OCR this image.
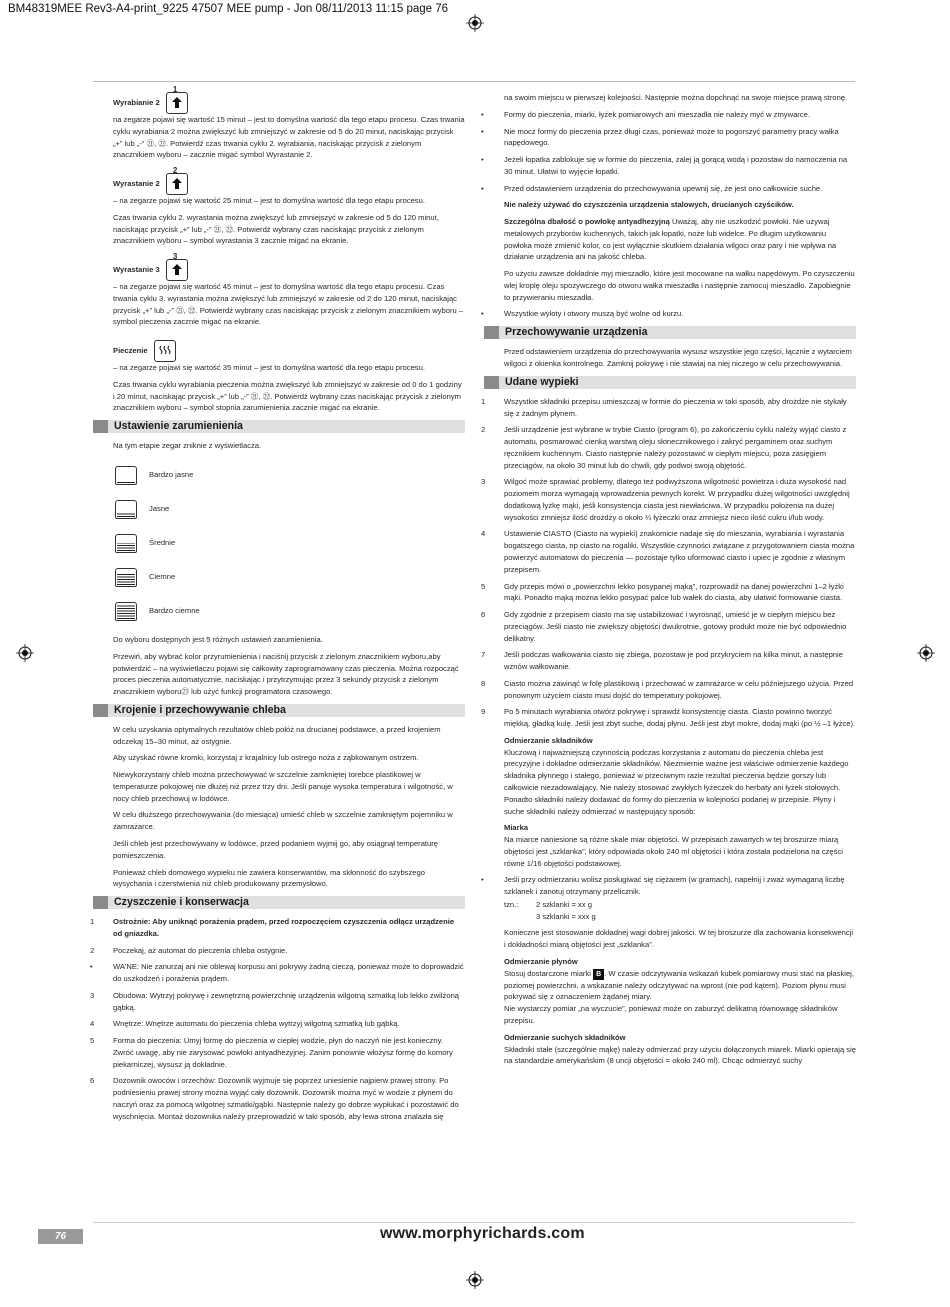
BM48319MEE Rev3-A4-print_9225 47507 MEE pump - Jon 08/11/2013 11:15 page 76
Wyrabianie 2
1

na zegarze pojawi się wartość 15 minut – jest to domyślna wartość dla tego etapu procesu. Czas trwania cyklu wyrabiania 2 można zwiększyć lub zmniejszyć w zakresie od 5 do 20 minut, naciskając przycisk „+” lub „-” ㉑, ㉒. Potwierdź czas trwania cyklu 2. wyrabiania, naciskając przycisk z zielonym znacznikiem wyboru – zacznie migać symbol Wyrastanie 2.

Wyrastanie 2
2

– na zegarze pojawi się wartość 25 minut – jest to domyślna wartość dla tego etapu procesu.

Czas trwania cyklu 2. wyrastania można zwiększyć lub zmniejszyć w zakresie od 5 do 120 minut, naciskając przycisk „+” lub „-” ㉑, ㉒. Potwierdź wybrany czas naciskając przycisk z zielonym znacznikiem wyboru – symbol wyrastania 3 zacznie migać na ekranie.

Wyrastanie 3
3

– na zegarze pojawi się wartość 45 minut – jest to domyślna wartość dla tego etapu procesu. Czas trwania cyklu 3. wyrastania można zwiększyć lub zmniejszyć w zakresie od 2 do 120 minut, naciskając przycisk „+” lub „-” ㉑, ㉒. Potwierdź wybrany czas naciskając przycisk z zielonym znacznikiem wyboru – symbol pieczenia zacznie migać na ekranie.

Pieczenie

– na zegarze pojawi się wartość 35 minut – jest to domyślna wartość dla tego etapu procesu.

Czas trwania cyklu wyrabiania pieczenia można zwiększyć lub zmniejszyć w zakresie od 0 do 1 godziny i 20 minut, naciskając przycisk „+” lub „-” ㉑, ㉒. Potwierdź wybrany czas naciskając przycisk z zielonym znacznikiem wyboru – symbol stopnia zarumienienia zacznie migać na ekranie.

Ustawienie zarumienienia

Na tym etapie zegar zniknie z wyświetlacza.

Bardzo jasne
Jasne
Średnie
Ciemne
Bardzo ciemne

Do wyboru dostępnych jest 5 różnych ustawień zarumienienia.

Przewiń, aby wybrać kolor przyrumienienia i naciśnij przycisk z zielonym znacznikiem wyboru,aby potwierdzić – na wyświetlaczu pojawi się całkowity zaprogramowany czas pieczenia. Można rozpocząć proces pieczenia automatycznie, naciskając i przytrzymując przez 3 sekundy przycisk z zielonym znacznikiem wyboru㉓ lub użyć funkcji programatora czasowego.

Krojenie i przechowywanie chleba

W celu uzyskania optymalnych rezultatów chleb połóż na drucianej podstawce, a przed krojeniem odczekaj 15–30 minut, aż ostygnie.

Aby uzyskać równe kromki, korzystaj z krajalnicy lub ostrego noża z ząbkowanym ostrzem.

Niewykorzystany chleb można przechowywać w szczelnie zamkniętej torebce plastikowej w temperaturze pokojowej nie dłużej niż przez trzy dni. Jeśli panuje wysoka temperatura i wilgotność, w nocy chleb przechowuj w lodówce.

W celu dłuższego przechowywania (do miesiąca) umieść chleb w szczelnie zamkniętym pojemniku w zamrażarce.

Jeśli chleb jest przechowywany w lodówce, przed podaniem wyjmij go, aby osiągnął temperaturę pomieszczenia.

Ponieważ chleb domowego wypieku nie zawiera konserwantów, ma skłonność do szybszego wysychania i czerstwienia niż chleb produkowany przemysłowo.

Czyszczenie i konserwacja
1	Ostrożnie: Aby uniknąć porażenia prądem, przed rozpoczęciem czyszczenia odłącz urządzenie od gniazdka.
2	Poczekaj, aż automat do pieczenia chleba ostygnie.
•	WA'NE: Nie zanurzaj ani nie oblewaj korpusu ani pokrywy żadną cieczą, ponieważ może to doprowadzić do uszkodzeń i porażenia prądem.
3	Obudowa: Wytrzyj pokrywę i zewnętrzną powierzchnię urządzenia wilgotną szmatką lub lekko zwilżoną gąbką.
4	Wnętrze: Wnętrze automatu do pieczenia chleba wytrzyj wilgotną szmatką lub gąbką.
5	Forma do pieczenia: Umyj formę do pieczenia w ciepłej wodzie, płyn do naczyń nie jest konieczny. Zwróć uwagę, aby nie zarysować powłoki antyadhezyjnej. Zanim ponownie włożysz formę do komory piekarniczej, wysusz ją dokładnie.
6	Dozownik owoców i orzechów: Dozownik wyjmuje się poprzez uniesienie najpierw prawej strony. Po podniesieniu prawej strony można wyjąć cały dozownik. Dozownik można myć w wodzie z płynem do naczyń oraz za pomocą wilgotnej szmatki/gąbki. Następnie należy go dobrze wypłukać i pozostawić do wyschnięcia. Montaż dozownika należy przeprowadzić w taki sposób, aby lewa strona znalazła się

na swoim miejscu w pierwszej kolejności. Następnie można dopchnąć na swoje miejsce prawą stronę.

•	Formy do pieczenia, miarki, łyżek pomiarowych ani mieszadła nie należy myć w zmywarce.
•	Nie mocz formy do pieczenia przez długi czas, ponieważ może to pogorszyć parametry pracy wałka napędowego.
•	Jeżeli łopatka zablokuje się w formie do pieczenia, zalej ją gorącą wodą i pozostaw do namoczenia na 30 minut. Ułatwi to wyjęcie łopatki.
•	Przed odstawieniem urządzenia do przechowywania upewnij się, że jest ono całkowicie suche.

Nie należy używać do czyszczenia urządzenia stalowych, drucianych czyścików.

Szczególna dbałość o powłokę antyadhezyjną Uważaj, aby nie uszkodzić powłoki. Nie używaj metalowych przyborów kuchennych, takich jak łopatki, noże lub widelce. Po długim użytkowaniu powłoka może zmienić kolor, co jest wyłącznie skutkiem działania wilgoci oraz pary i nie wpływa na działanie urządzenia ani na jakość chleba.

Po użyciu zawsze dokładnie myj mieszadło, które jest mocowane na wałku napędowym. Po czyszczeniu wlej kroplę oleju spożywczego do otworu wałka mieszadła i następnie zamocuj mieszadło. Zapobiegnie to przywieraniu mieszadła.

•	Wszystkie wyloty i otwory muszą być wolne od kurzu.
Przechowywanie urządzenia

Przed odstawieniem urządzenia do przechowywania wysusz wszystkie jego części, łącznie z wytarciem wilgoci z okienka kontrolnego. Zamknij pokrywę i nie stawiaj na niej niczego w celu przechowywania.

Udane wypieki
1	Wszystkie składniki przepisu umieszczaj w formie do pieczenia w taki sposób, aby drożdże nie stykały się z żadnym płynem.
2	Jeśli urządzenie jest wybrane w trybie Ciasto (program 6), po zakończeniu cyklu należy wyjąć ciasto z automatu, posmarować cienką warstwą oleju słonecznikowego i zakryć pergaminem oraz suchym ręcznikiem kuchennym. Ciasto następnie należy pozostawić w ciepłym miejscu, poza zasięgiem przeciągów, na około 30 minut lub do chwili, gdy podwoi swoją objętość.
3	Wilgoć może sprawiać problemy, dlatego też podwyższona wilgotność powietrza i duża wysokość nad poziomem morza wymagają wprowadzenia pewnych korekt. W przypadku dużej wilgotności uwzględnij dodatkową łyżkę mąki, jeśli konsystencja ciasta jest niewłaściwa. W przypadku położenia na dużej wysokości zmniejsz ilość drożdży o około ¼ łyżeczki oraz zmniejsz nieco ilość cukru i/lub wody.
4	Ustawienie CIASTO (Ciasto na wypieki) znakomicie nadaje się do mieszania, wyrabiania i wyrastania bogatszego ciasta, np ciasto na rogaliki. Wszystkie czynności związane z przygotowaniem ciasta można powierzyć automatowi do pieczenia — pozostaje tylko uformować ciasto i upiec je zgodnie z własnym przepisem.
5	Gdy przepis mówi o „powierzchni lekko posypanej mąką”, rozprowadź na danej powierzchni 1–2 łyżki mąki. Ponadto mąką można lekko posypać palce lub wałek do ciasta, aby ułatwić formowanie ciasta.
6	Gdy zgodnie z przepisem ciasto ma się ustabilizować i wyrosnąć, umieść je w ciepłym miejscu bez przeciągów. Jeśli ciasto nie zwiększy objętości dwukrotnie, gotowy produkt może nie być odpowiednio delikatny.
7	Jeśli podczas wałkowania ciasto się zbiega, pozostaw je pod przykryciem na kilka minut, a następnie wznów wałkowanie.
8	Ciasto można zawinąć w folę plastikową i przechować w zamrażarce w celu późniejszego użycia. Przed ponownym użyciem ciasto musi dojść do temperatury pokojowej.
9	Po 5 minutach wyrabiania otwórz pokrywę i sprawdź konsystencję ciasta. Ciasto powinno tworzyć miękką, gładką kulę. Jeśli jest zbyt suche, dodaj płynu. Jeśli jest zbyt mokre, dodaj mąki (po ½ –1 łyżce).

Odmierzanie składników

Kluczową i najważniejszą czynnością podczas korzystania z automatu do pieczenia chleba jest precyzyjne i dokładne odmierzanie składników. Niezmiernie ważne jest właściwe odmierzenie każdego składnika płynnego i stałego, ponieważ w przeciwnym razie rezultat pieczenia będzie gorszy lub całkowicie niezadowalający. Nie należy stosować zwykłych łyżeczek do herbaty ani łyżek stołowych. Ponadto składniki należy dodawać do formy do pieczenia w kolejności podanej w przepisie. Płyny i suche składniki należy odmierzać w następujący sposób:

Miarka

Na miarce naniesione są różne skale miar objętości. W przepisach zawartych w tej broszurze miarą objętości jest „szklanka”, który odpowiada około 240 ml objętości i która została podzielona na części równe 1/16 objętości podstawowej.

•	Jeśli przy odmierzaniu wolisz posługiwać się ciężarem (w gramach), napełnij i zważ wymaganą liczbę szklanek i zanotuj otrzymany przelicznik.
tzn.:	2 szklanki = xx g
3 szklanki = xxx g

Konieczne jest stosowanie dokładnej wagi dobrej jakości. W tej broszurze dla zachowania konsekwencji i dokładności miarą objętości jest „szklanka”.

Odmierzanie płynów

Stosuj dostarczone miarki B . W czasie odczytywania wskazań kubek pomiarowy musi stać na płaskiej, poziomej powierzchni, a wskazanie należy odczytywać na wprost (nie pod kątem). Poziom płynu musi pokrywać się z oznaczeniem żądanej miary.

Nie wystarczy pomiar „na wyczucie”, ponieważ może on zaburzyć delikatną równowagę składników przepisu.

Odmierzanie suchych składników

Składniki stałe (szczególnie mąkę) należy odmierzać przy użyciu dołączonych miarek. Miarki opierają się na standardzie amerykańskim (8 uncji objętości = około 240 ml). Chcąc odmierzyć suchy

76	www.morphyrichards.com
